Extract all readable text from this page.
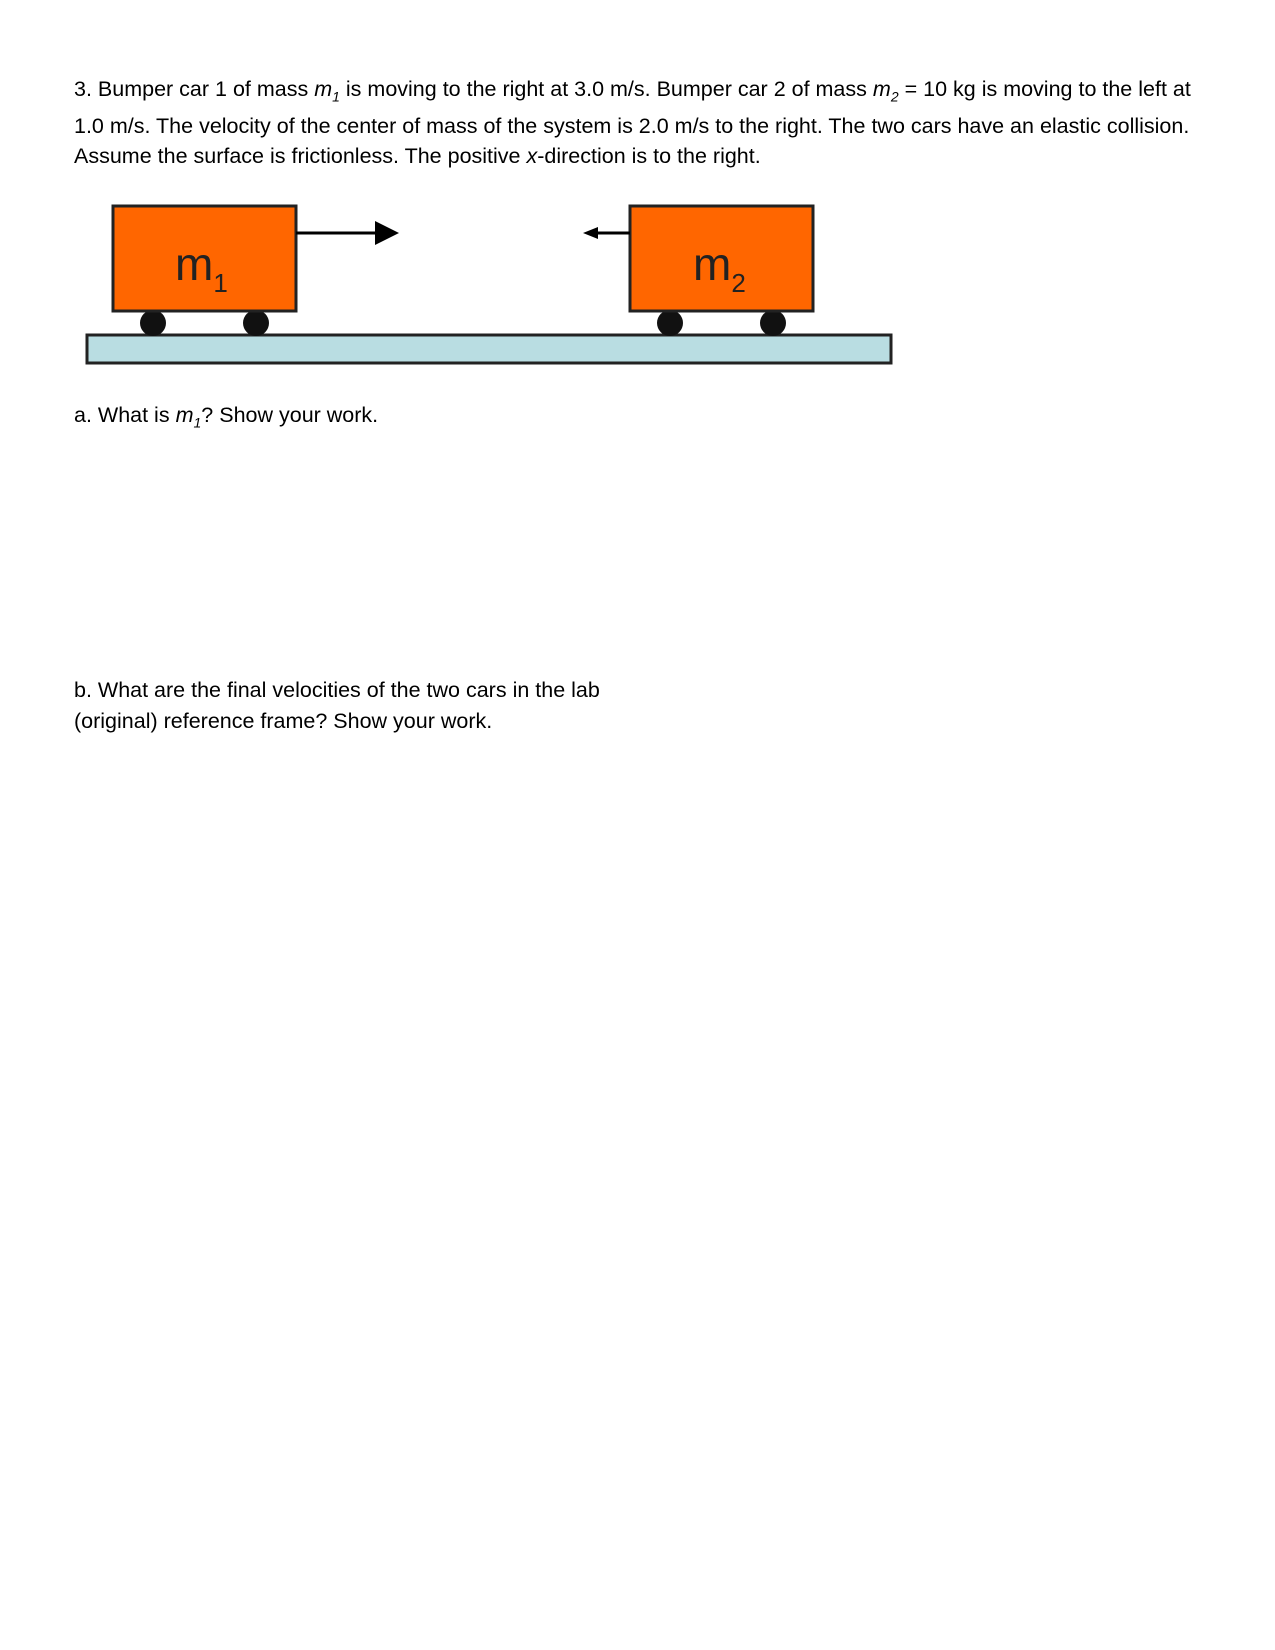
3. Bumper car 1 of mass $m_1$ is moving to the right at 3.0 m/s. Bumper car 2 of mass $m_2 = 10$ kg is moving to the left at 1.0 m/s. The velocity of the center of mass of the system is 2.0 m/s to the right. The two cars have an elastic collision. Assume the surface is frictionless. The positive x-direction is to the right.

m1	m2

a. What is $m_1$? Show your work.

b. What are the final velocities of the two cars in the lab (original) reference frame? Show your work.
